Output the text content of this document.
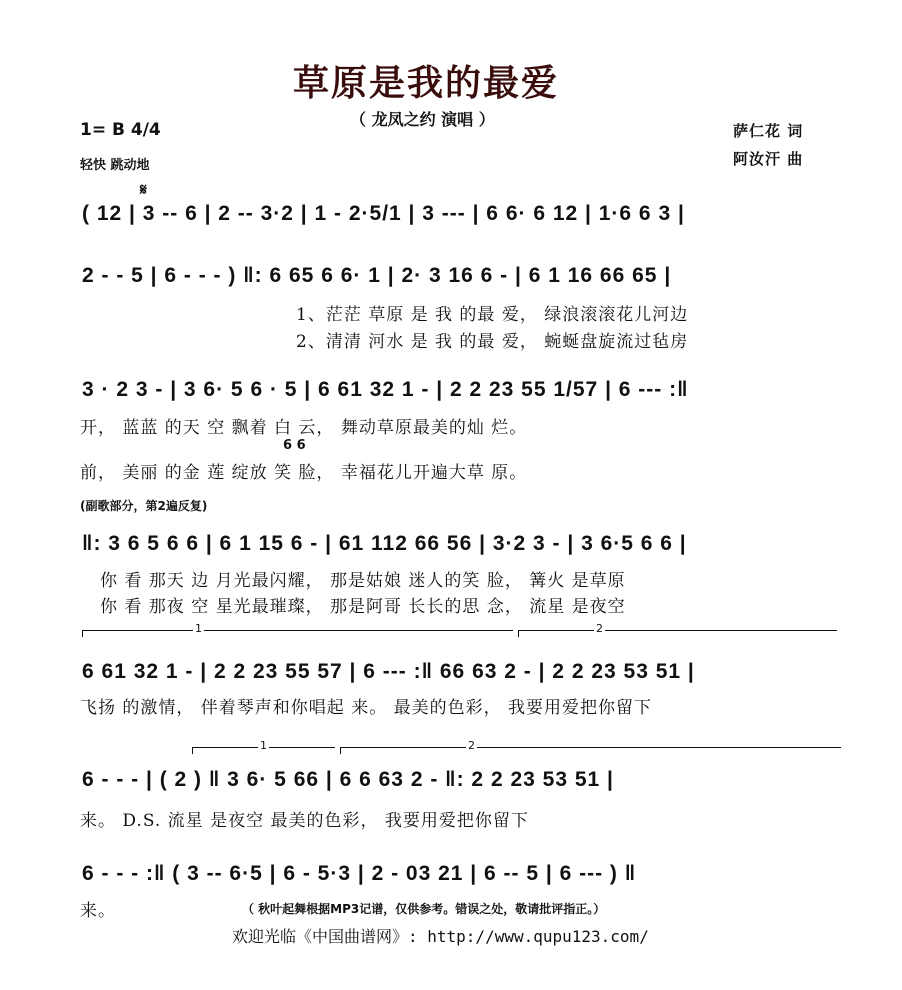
草原是我的最爱
（ 龙凤之约 演唱 ）
1= B 4/4
轻快 跳动地
萨仁花 词
阿汝汗 曲
𝄋
( 12 | 3 -- 6 | 2 -- 3·2 | 1 - 2·5/1 | 3 --- | 6 6· 6 12 | 1·6 6 3 |
2 - - 5 | 6 - - - ) ‖: 6 65 6 6· 1 | 2· 3 16 6 - | 6 1 16 66 65 |
1、茫茫 草原 是 我 的最 爱， 绿浪滚滚花儿河边
2、清清 河水 是 我 的最 爱， 蜿蜒盘旋流过毡房
3 · 2 3 - | 3 6· 5 6 · 5 | 6 61 32 1 - | 2 2 23 55 1/57 | 6 --- :‖
开， 蓝蓝 的天 空 飘着 白 云， 舞动草原最美的灿 烂。
6 6
前， 美丽 的金 莲 绽放 笑 脸， 幸福花儿开遍大草 原。
(副歌部分，第2遍反复)
‖: 3 6 5 6 6 | 6 1 15 6 - | 61 112 66 56 | 3·2 3 - | 3 6·5 6 6 |
你 看 那天 边 月光最闪耀， 那是姑娘 迷人的笑 脸， 篝火 是草原
你 看 那夜 空 星光最璀璨， 那是阿哥 长长的思 念， 流星 是夜空
1	2
6 61 32 1 - | 2 2 23 55 57 | 6 --- :‖ 66 63 2 - | 2 2 23 53 51 |
飞扬 的激情， 伴着琴声和你唱起 来。 最美的色彩， 我要用爱把你留下
1	2
6 - - - | ( 2 ) ‖ 3 6· 5 66 | 6 6 63 2 - ‖: 2 2 23 53 51 |
来。 D.S. 流星 是夜空 最美的色彩， 我要用爱把你留下
6 - - - :‖ ( 3 -- 6·5 | 6 - 5·3 | 2 - 03 21 | 6 -- 5 | 6 --- ) ‖
来。	（ 秋叶起舞根据MP3记谱，仅供参考。错误之处，敬请批评指正。）
欢迎光临《中国曲谱网》: http://www.qupu123.com/
